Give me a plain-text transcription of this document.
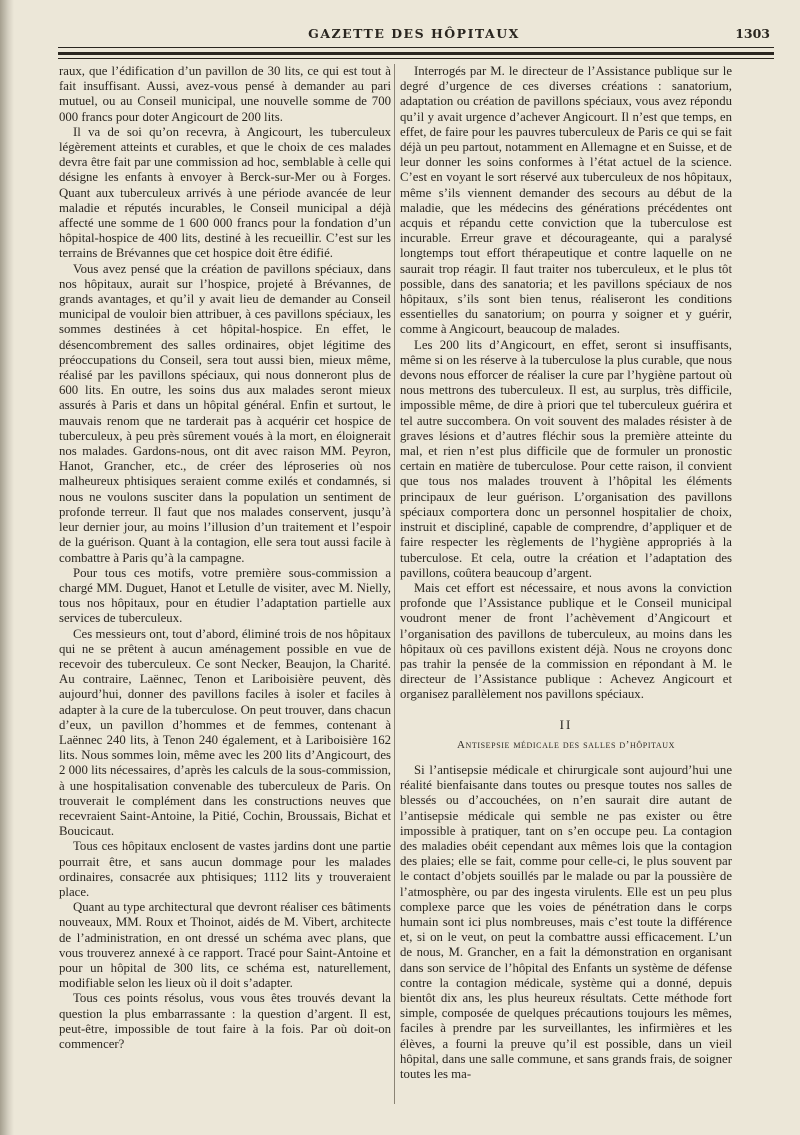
GAZETTE DES HÔPITAUX	1303

raux, que l’édification d’un pavillon de 30 lits, ce qui est tout à fait insuffisant. Aussi, avez-vous pensé à demander au pari mutuel, ou au Conseil municipal, une nouvelle somme de 700 000 francs pour doter Angicourt de 200 lits.

Il va de soi qu’on recevra, à Angicourt, les tuberculeux légèrement atteints et curables, et que le choix de ces malades devra être fait par une commission ad hoc, semblable à celle qui désigne les enfants à envoyer à Berck-sur-Mer ou à Forges. Quant aux tuberculeux arrivés à une période avancée de leur maladie et réputés incurables, le Conseil municipal a déjà affecté une somme de 1 600 000 francs pour la fondation d’un hôpital-hospice de 400 lits, destiné à les recueillir. C’est sur les terrains de Brévannes que cet hospice doit être édifié.

Vous avez pensé que la création de pavillons spéciaux, dans nos hôpitaux, aurait sur l’hospice, projeté à Brévannes, de grands avantages, et qu’il y avait lieu de demander au Conseil municipal de vouloir bien attribuer, à ces pavillons spéciaux, les sommes destinées à cet hôpital-hospice. En effet, le désencombrement des salles ordinaires, objet légitime des préoccupations du Conseil, sera tout aussi bien, mieux même, réalisé par les pavillons spéciaux, qui nous donneront plus de 600 lits. En outre, les soins dus aux malades seront mieux assurés à Paris et dans un hôpital général. Enfin et surtout, le mauvais renom que ne tarderait pas à acquérir cet hospice de tuberculeux, à peu près sûrement voués à la mort, en éloignerait nos malades. Gardons-nous, ont dit avec raison MM. Peyron, Hanot, Grancher, etc., de créer des léproseries où nos malheureux phtisiques seraient comme exilés et condamnés, si nous ne voulons susciter dans la population un sentiment de profonde terreur. Il faut que nos malades conservent, jusqu’à leur dernier jour, au moins l’illusion d’un traitement et l’espoir de la guérison. Quant à la contagion, elle sera tout aussi facile à combattre à Paris qu’à la campagne.

Pour tous ces motifs, votre première sous-commission a chargé MM. Duguet, Hanot et Letulle de visiter, avec M. Nielly, tous nos hôpitaux, pour en étudier l’adaptation partielle aux services de tuberculeux.

Ces messieurs ont, tout d’abord, éliminé trois de nos hôpitaux qui ne se prêtent à aucun aménagement possible en vue de recevoir des tuberculeux. Ce sont Necker, Beaujon, la Charité. Au contraire, Laënnec, Tenon et Lariboisière peuvent, dès aujourd’hui, donner des pavillons faciles à isoler et faciles à adapter à la cure de la tuberculose. On peut trouver, dans chacun d’eux, un pavillon d’hommes et de femmes, contenant à Laënnec 240 lits, à Tenon 240 également, et à Lariboisière 162 lits. Nous sommes loin, même avec les 200 lits d’Angicourt, des 2 000 lits nécessaires, d’après les calculs de la sous-commission, à une hospitalisation convenable des tuberculeux de Paris. On trouverait le complément dans les constructions neuves que recevraient Saint-Antoine, la Pitié, Cochin, Broussais, Bichat et Boucicaut.

Tous ces hôpitaux enclosent de vastes jardins dont une partie pourrait être, et sans aucun dommage pour les malades ordinaires, consacrée aux phtisiques; 1112 lits y trouveraient place.

Quant au type architectural que devront réaliser ces bâtiments nouveaux, MM. Roux et Thoinot, aidés de M. Vibert, architecte de l’administration, en ont dressé un schéma avec plans, que vous trouverez annexé à ce rapport. Tracé pour Saint-Antoine et pour un hôpital de 300 lits, ce schéma est, naturellement, modifiable selon les lieux où il doit s’adapter.

Tous ces points résolus, vous vous êtes trouvés devant la question la plus embarrassante : la question d’argent. Il est, peut-être, impossible de tout faire à la fois. Par où doit-on commencer?

Interrogés par M. le directeur de l’Assistance publique sur le degré d’urgence de ces diverses créations : sanatorium, adaptation ou création de pavillons spéciaux, vous avez répondu qu’il y avait urgence d’achever Angicourt. Il n’est que temps, en effet, de faire pour les pauvres tuberculeux de Paris ce qui se fait déjà un peu partout, notamment en Allemagne et en Suisse, et de leur donner les soins conformes à l’état actuel de la science. C’est en voyant le sort réservé aux tuberculeux de nos hôpitaux, même s’ils viennent demander des secours au début de la maladie, que les médecins des générations précédentes ont acquis et répandu cette conviction que la tuberculose est incurable. Erreur grave et décourageante, qui a paralysé longtemps tout effort thérapeutique et contre laquelle on ne saurait trop réagir. Il faut traiter nos tuberculeux, et le plus tôt possible, dans des sanatoria; et les pavillons spéciaux de nos hôpitaux, s’ils sont bien tenus, réaliseront les conditions essentielles du sanatorium; on pourra y soigner et y guérir, comme à Angicourt, beaucoup de malades.

Les 200 lits d’Angicourt, en effet, seront si insuffisants, même si on les réserve à la tuberculose la plus curable, que nous devons nous efforcer de réaliser la cure par l’hygiène partout où nous mettrons des tuberculeux. Il est, au surplus, très difficile, impossible même, de dire à priori que tel tuberculeux guérira et tel autre succombera. On voit souvent des malades résister à de graves lésions et d’autres fléchir sous la première atteinte du mal, et rien n’est plus difficile que de formuler un pronostic certain en matière de tuberculose. Pour cette raison, il convient que tous nos malades trouvent à l’hôpital les éléments principaux de leur guérison. L’organisation des pavillons spéciaux comportera donc un personnel hospitalier de choix, instruit et discipliné, capable de comprendre, d’appliquer et de faire respecter les règlements de l’hygiène appropriés à la tuberculose. Et cela, outre la création et l’adaptation des pavillons, coûtera beaucoup d’argent.

Mais cet effort est nécessaire, et nous avons la conviction profonde que l’Assistance publique et le Conseil municipal voudront mener de front l’achèvement d’Angicourt et l’organisation des pavillons de tuberculeux, au moins dans les hôpitaux où ces pavillons existent déjà. Nous ne croyons donc pas trahir la pensée de la commission en répondant à M. le directeur de l’Assistance publique : Achevez Angicourt et organisez parallèlement nos pavillons spéciaux.

II
Antisepsie médicale des salles d’hôpitaux

Si l’antisepsie médicale et chirurgicale sont aujourd’hui une réalité bienfaisante dans toutes ou presque toutes nos salles de blessés ou d’accouchées, on n’en saurait dire autant de l’antisepsie médicale qui semble ne pas exister ou être impossible à pratiquer, tant on s’en occupe peu. La contagion des maladies obéit cependant aux mêmes lois que la contagion des plaies; elle se fait, comme pour celle-ci, le plus souvent par le contact d’objets souillés par le malade ou par la poussière de l’atmosphère, ou par des ingesta virulents. Elle est un peu plus complexe parce que les voies de pénétration dans le corps humain sont ici plus nombreuses, mais c’est toute la différence et, si on le veut, on peut la combattre aussi efficacement. L’un de nous, M. Grancher, en a fait la démonstration en organisant dans son service de l’hôpital des Enfants un système de défense contre la contagion médicale, système qui a donné, depuis bientôt dix ans, les plus heureux résultats. Cette méthode fort simple, composée de quelques précautions toujours les mêmes, faciles à prendre par les surveillantes, les infirmières et les élèves, a fourni la preuve qu’il est possible, dans un vieil hôpital, dans une salle commune, et sans grands frais, de soigner toutes les ma-
